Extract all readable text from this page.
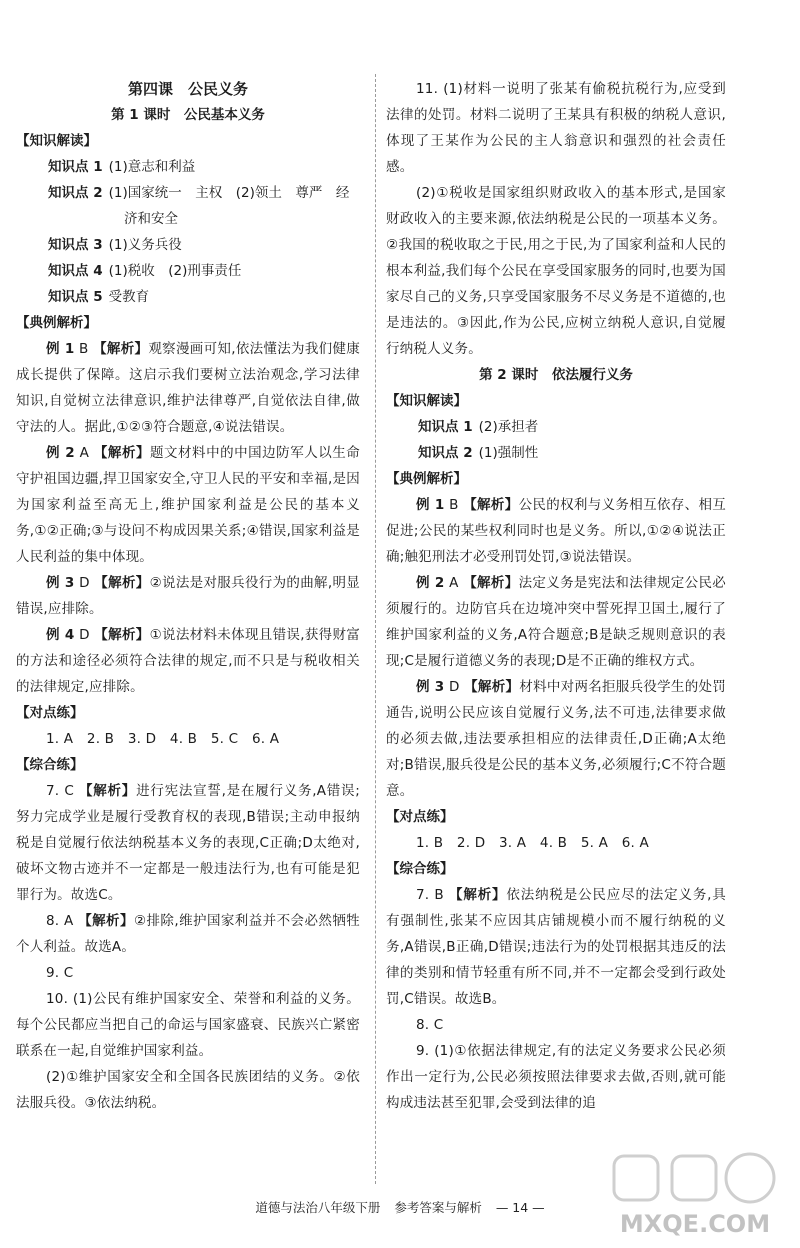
第四课　公民义务

第 1 课时　公民基本义务

【知识解读】

知识点 1 (1)意志和利益

知识点 2 (1)国家统一　主权　(2)领土　尊严　经济和安全

知识点 3 (1)义务兵役

知识点 4 (1)税收　(2)刑事责任

知识点 5 受教育

【典例解析】

例 1 B 【解析】观察漫画可知,依法懂法为我们健康成长提供了保障。这启示我们要树立法治观念,学习法律知识,自觉树立法律意识,维护法律尊严,自觉依法自律,做守法的人。据此,①②③符合题意,④说法错误。

例 2 A 【解析】题文材料中的中国边防军人以生命守护祖国边疆,捍卫国家安全,守卫人民的平安和幸福,是因为国家利益至高无上,维护国家利益是公民的基本义务,①②正确;③与设问不构成因果关系;④错误,国家利益是人民利益的集中体现。

例 3 D 【解析】②说法是对服兵役行为的曲解,明显错误,应排除。

例 4 D 【解析】①说法材料未体现且错误,获得财富的方法和途径必须符合法律的规定,而不只是与税收相关的法律规定,应排除。

【对点练】

1. A　2. B　3. D　4. B　5. C　6. A

【综合练】

7. C 【解析】进行宪法宣誓,是在履行义务,A错误;努力完成学业是履行受教育权的表现,B错误;主动申报纳税是自觉履行依法纳税基本义务的表现,C正确;D太绝对,破坏文物古迹并不一定都是一般违法行为,也有可能是犯罪行为。故选C。

8. A 【解析】②排除,维护国家利益并不会必然牺牲个人利益。故选A。

9. C

10. (1)公民有维护国家安全、荣誉和利益的义务。每个公民都应当把自己的命运与国家盛衰、民族兴亡紧密联系在一起,自觉维护国家利益。

(2)①维护国家安全和全国各民族团结的义务。②依法服兵役。③依法纳税。

11. (1)材料一说明了张某有偷税抗税行为,应受到法律的处罚。材料二说明了王某具有积极的纳税人意识,体现了王某作为公民的主人翁意识和强烈的社会责任感。

(2)①税收是国家组织财政收入的基本形式,是国家财政收入的主要来源,依法纳税是公民的一项基本义务。②我国的税收取之于民,用之于民,为了国家利益和人民的根本利益,我们每个公民在享受国家服务的同时,也要为国家尽自己的义务,只享受国家服务不尽义务是不道德的,也是违法的。③因此,作为公民,应树立纳税人意识,自觉履行纳税人义务。

第 2 课时　依法履行义务

【知识解读】

知识点 1 (2)承担者

知识点 2 (1)强制性

【典例解析】

例 1 B 【解析】公民的权利与义务相互依存、相互促进;公民的某些权利同时也是义务。所以,①②④说法正确;触犯刑法才必受刑罚处罚,③说法错误。

例 2 A 【解析】法定义务是宪法和法律规定公民必须履行的。边防官兵在边境冲突中誓死捍卫国土,履行了维护国家利益的义务,A符合题意;B是缺乏规则意识的表现;C是履行道德义务的表现;D是不正确的维权方式。

例 3 D 【解析】材料中对两名拒服兵役学生的处罚通告,说明公民应该自觉履行义务,法不可违,法律要求做的必须去做,违法要承担相应的法律责任,D正确;A太绝对;B错误,服兵役是公民的基本义务,必须履行;C不符合题意。

【对点练】

1. B　2. D　3. A　4. B　5. A　6. A

【综合练】

7. B 【解析】依法纳税是公民应尽的法定义务,具有强制性,张某不应因其店铺规模小而不履行纳税的义务,A错误,B正确,D错误;违法行为的处罚根据其违反的法律的类别和情节轻重有所不同,并不一定都会受到行政处罚,C错误。故选B。

8. C

9. (1)①依据法律规定,有的法定义务要求公民必须作出一定行为,公民必须按照法律要求去做,否则,就可能构成违法甚至犯罪,会受到法律的追

道德与法治八年级下册 参考答案与解析 — 14 —
MXQE.COM
